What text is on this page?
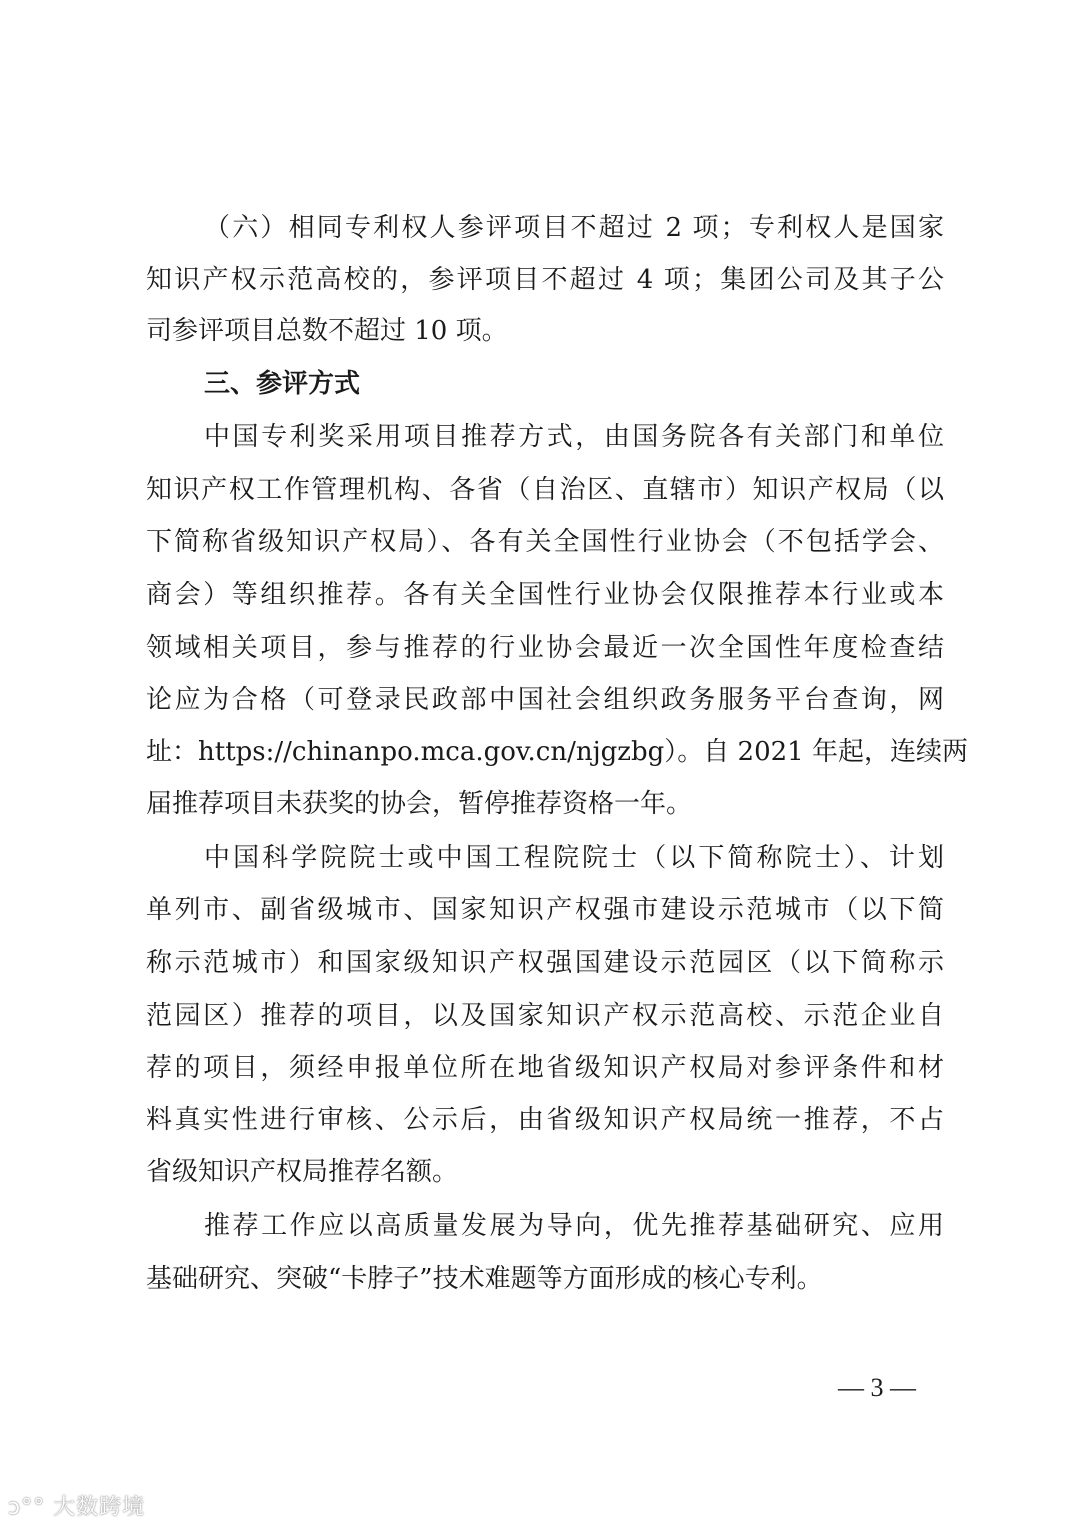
（六）相同专利权人参评项目不超过 2 项；专利权人是国家
知识产权示范高校的，参评项目不超过 4 项；集团公司及其子公
司参评项目总数不超过 10 项。
三、参评方式
中国专利奖采用项目推荐方式，由国务院各有关部门和单位
知识产权工作管理机构、各省（自治区、直辖市）知识产权局（以
下简称省级知识产权局）、各有关全国性行业协会（不包括学会、
商会）等组织推荐。各有关全国性行业协会仅限推荐本行业或本
领域相关项目，参与推荐的行业协会最近一次全国性年度检查结
论应为合格（可登录民政部中国社会组织政务服务平台查询，网
址：https://chinanpo.mca.gov.cn/njgzbg）。自 2021 年起，连续两
届推荐项目未获奖的协会，暂停推荐资格一年。
中国科学院院士或中国工程院院士（以下简称院士）、计划
单列市、副省级城市、国家知识产权强市建设示范城市（以下简
称示范城市）和国家级知识产权强国建设示范园区（以下简称示
范园区）推荐的项目，以及国家知识产权示范高校、示范企业自
荐的项目，须经申报单位所在地省级知识产权局对参评条件和材
料真实性进行审核、公示后，由省级知识产权局统一推荐，不占
省级知识产权局推荐名额。
推荐工作应以高质量发展为导向，优先推荐基础研究、应用
基础研究、突破“卡脖子”技术难题等方面形成的核心专利。
— 3 —
ↄ°° 大数跨境
